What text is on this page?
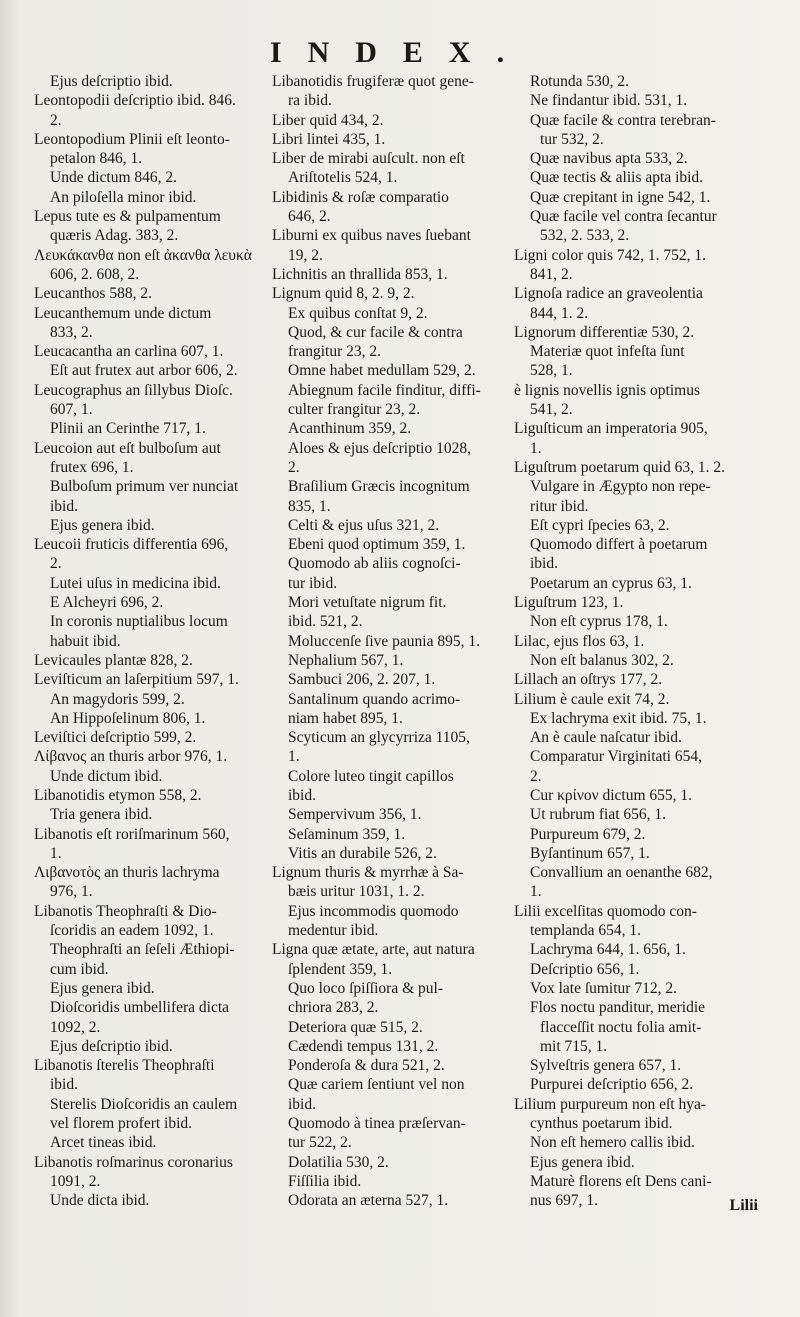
INDEX.
Ejus deſcriptio ibid.
Leontopodii deſcriptio ibid. 846.
2.
Leontopodium Plinii eſt leonto-
petalon 846, 1.
Unde dictum 846, 2.
An piloſella minor ibid.
Lepus tute es & pulpamentum
quæris Adag. 383, 2.
Λευκάκανθα non eſt ἀκανθα λευκὰ
606, 2. 608, 2.
Leucanthos 588, 2.
Leucanthemum unde dictum
833, 2.
Leucacantha an carlina 607, 1.
Eſt aut frutex aut arbor 606, 2.
Leucographus an ſillybus Dioſc.
607, 1.
Plinii an Cerinthe 717, 1.
Leucoion aut eſt bulboſum aut
frutex 696, 1.
Bulboſum primum ver nunciat
ibid.
Ejus genera ibid.
Leucoii fruticis differentia 696,
2.
Lutei uſus in medicina ibid.
E Alcheyri 696, 2.
In coronis nuptialibus locum
habuit ibid.
Levicaules plantæ 828, 2.
Leviſticum an laſerpitium 597, 1.
An magydoris 599, 2.
An Hippoſelinum 806, 1.
Leviſtici deſcriptio 599, 2.
Λίβανος an thuris arbor 976, 1.
Unde dictum ibid.
Libanotidis etymon 558, 2.
Tria genera ibid.
Libanotis eſt roriſmarinum 560,
1.
Λιβανοτὸς an thuris lachryma
976, 1.
Libanotis Theophraſti & Dio-
ſcoridis an eadem 1092, 1.
Theophraſti an ſeſeli Æthiopi-
cum ibid.
Ejus genera ibid.
Dioſcoridis umbellifera dicta
1092, 2.
Ejus deſcriptio ibid.
Libanotis ſterelis Theophraſti
ibid.
Sterelis Dioſcoridis an caulem
vel florem profert ibid.
Arcet tineas ibid.
Libanotis roſmarinus coronarius
1091, 2.
Unde dicta ibid.
Libanotidis frugiferæ quot gene-
ra ibid.
Liber quid 434, 2.
Libri lintei 435, 1.
Liber de mirabi auſcult. non eſt
Ariſtotelis 524, 1.
Libidinis & roſæ comparatio
646, 2.
Liburni ex quibus naves ſuebant
19, 2.
Lichnitis an thrallida 853, 1.
Lignum quid 8, 2. 9, 2.
Ex quibus conſtat 9, 2.
Quod, & cur facile & contra
frangitur 23, 2.
Omne habet medullam 529, 2.
Abiegnum facile finditur, diffi-
culter frangitur 23, 2.
Acanthinum 359, 2.
Aloes & ejus deſcriptio 1028,
2.
Braſilium Græcis incognitum
835, 1.
Celti & ejus uſus 321, 2.
Ebeni quod optimum 359, 1.
Quomodo ab aliis cognoſci-
tur ibid.
Mori vetuſtate nigrum fit.
ibid. 521, 2.
Moluccenſe ſive paunia 895, 1.
Nephalium 567, 1.
Sambuci 206, 2. 207, 1.
Santalinum quando acrimo-
niam habet 895, 1.
Scyticum an glycyrriza 1105,
1.
Colore luteo tingit capillos
ibid.
Sempervivum 356, 1.
Seſaminum 359, 1.
Vitis an durabile 526, 2.
Lignum thuris & myrrhæ à Sa-
bæis uritur 1031, 1. 2.
Ejus incommodis quomodo
medentur ibid.
Ligna quæ ætate, arte, aut natura
ſplendent 359, 1.
Quo loco ſpiſſiora & pul-
chriora 283, 2.
Deteriora quæ 515, 2.
Cædendi tempus 131, 2.
Ponderoſa & dura 521, 2.
Quæ cariem ſentiunt vel non
ibid.
Quomodo à tinea præſervan-
tur 522, 2.
Dolatilia 530, 2.
Fiſſilia ibid.
Odorata an æterna 527, 1.
Rotunda 530, 2.
Ne findantur ibid. 531, 1.
Quæ facile & contra terebran-
tur 532, 2.
Quæ navibus apta 533, 2.
Quæ tectis & aliis apta ibid.
Quæ crepitant in igne 542, 1.
Quæ facile vel contra ſecantur
532, 2. 533, 2.
Ligni color quis 742, 1. 752, 1.
841, 2.
Lignoſa radice an graveolentia
844, 1. 2.
Lignorum differentiæ 530, 2.
Materiæ quot infeſta ſunt
528, 1.
è lignis novellis ignis optimus
541, 2.
Liguſticum an imperatoria 905,
1.
Liguſtrum poetarum quid 63, 1. 2.
Vulgare in Ægypto non repe-
ritur ibid.
Eſt cypri ſpecies 63, 2.
Quomodo differt à poetarum
ibid.
Poetarum an cyprus 63, 1.
Liguſtrum 123, 1.
Non eſt cyprus 178, 1.
Lilac, ejus flos 63, 1.
Non eſt balanus 302, 2.
Lillach an oſtrys 177, 2.
Lilium è caule exit 74, 2.
Ex lachryma exit ibid. 75, 1.
An è caule naſcatur ibid.
Comparatur Virginitati 654,
2.
Cur κρίνον dictum 655, 1.
Ut rubrum fiat 656, 1.
Purpureum 679, 2.
Byſantinum 657, 1.
Convallium an oenanthe 682,
1.
Lilii excelſitas quomodo con-
templanda 654, 1.
Lachryma 644, 1. 656, 1.
Deſcriptio 656, 1.
Vox late ſumitur 712, 2.
Flos noctu panditur, meridie
flacceſſit noctu folia amit-
mit 715, 1.
Sylveſtris genera 657, 1.
Purpurei deſcriptio 656, 2.
Lilium purpureum non eſt hya-
cynthus poetarum ibid.
Non eſt hemero callis ibid.
Ejus genera ibid.
Maturè florens eſt Dens cani-
nus 697, 1.	Lilii
